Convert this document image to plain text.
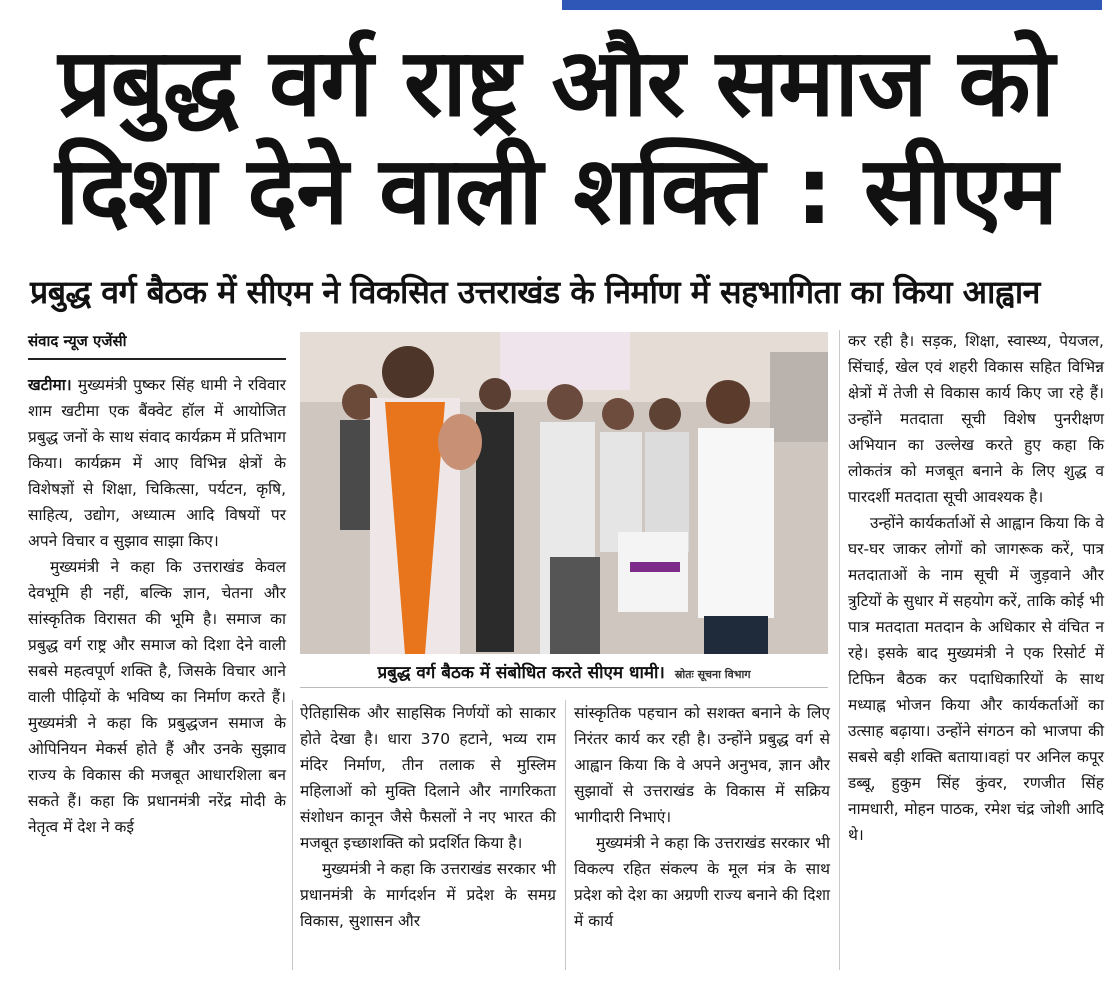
प्रबुद्ध वर्ग राष्ट्र और समाज को
दिशा देने वाली शक्ति : सीएम
प्रबुद्ध वर्ग बैठक में सीएम ने विकसित उत्तराखंड के निर्माण में सहभागिता का किया आह्वान
संवाद न्यूज एजेंसी

खटीमा। मुख्यमंत्री पुष्कर सिंह धामी ने रविवार शाम खटीमा एक बैंक्वेट हॉल में आयोजित प्रबुद्ध जनों के साथ संवाद कार्यक्रम में प्रतिभाग किया। कार्यक्रम में आए विभिन्न क्षेत्रों के विशेषज्ञों से शिक्षा, चिकित्सा, पर्यटन, कृषि, साहित्य, उद्योग, अध्यात्म आदि विषयों पर अपने विचार व सुझाव साझा किए।

मुख्यमंत्री ने कहा कि उत्तराखंड केवल देवभूमि ही नहीं, बल्कि ज्ञान, चेतना और सांस्कृतिक विरासत की भूमि है। समाज का प्रबुद्ध वर्ग राष्ट्र और समाज को दिशा देने वाली सबसे महत्वपूर्ण शक्ति है, जिसके विचार आने वाली पीढ़ियों के भविष्य का निर्माण करते हैं। मुख्यमंत्री ने कहा कि प्रबुद्धजन समाज के ओपिनियन मेकर्स होते हैं और उनके सुझाव राज्य के विकास की मजबूत आधारशिला बन सकते हैं। कहा कि प्रधानमंत्री नरेंद्र मोदी के नेतृत्व में देश ने कई

प्रबुद्ध वर्ग बैठक में संबोधित करते सीएम धामी। स्रोतः सूचना विभाग

ऐतिहासिक और साहसिक निर्णयों को साकार होते देखा है। धारा 370 हटाने, भव्य राम मंदिर निर्माण, तीन तलाक से मुस्लिम महिलाओं को मुक्ति दिलाने और नागरिकता संशोधन कानून जैसे फैसलों ने नए भारत की मजबूत इच्छाशक्ति को प्रदर्शित किया है।

मुख्यमंत्री ने कहा कि उत्तराखंड सरकार भी प्रधानमंत्री के मार्गदर्शन में प्रदेश के समग्र विकास, सुशासन और

सांस्कृतिक पहचान को सशक्त बनाने के लिए निरंतर कार्य कर रही है। उन्होंने प्रबुद्ध वर्ग से आह्वान किया कि वे अपने अनुभव, ज्ञान और सुझावों से उत्तराखंड के विकास में सक्रिय भागीदारी निभाएं।

मुख्यमंत्री ने कहा कि उत्तराखंड सरकार भी विकल्प रहित संकल्प के मूल मंत्र के साथ प्रदेश को देश का अग्रणी राज्य बनाने की दिशा में कार्य

कर रही है। सड़क, शिक्षा, स्वास्थ्य, पेयजल, सिंचाई, खेल एवं शहरी विकास सहित विभिन्न क्षेत्रों में तेजी से विकास कार्य किए जा रहे हैं।उन्होंने मतदाता सूची विशेष पुनरीक्षण अभियान का उल्लेख करते हुए कहा कि लोकतंत्र को मजबूत बनाने के लिए शुद्ध व पारदर्शी मतदाता सूची आवश्यक है।

उन्होंने कार्यकर्ताओं से आह्वान किया कि वे घर-घर जाकर लोगों को जागरूक करें, पात्र मतदाताओं के नाम सूची में जुड़वाने और त्रुटियों के सुधार में सहयोग करें, ताकि कोई भी पात्र मतदाता मतदान के अधिकार से वंचित न रहे। इसके बाद मुख्यमंत्री ने एक रिसोर्ट में टिफिन बैठक कर पदाधिकारियों के साथ मध्याह्न भोजन किया और कार्यकर्ताओं का उत्साह बढ़ाया। उन्होंने संगठन को भाजपा की सबसे बड़ी शक्ति बताया।वहां पर अनिल कपूर डब्बू, हुकुम सिंह कुंवर, रणजीत सिंह नामधारी, मोहन पाठक, रमेश चंद्र जोशी आदि थे।
